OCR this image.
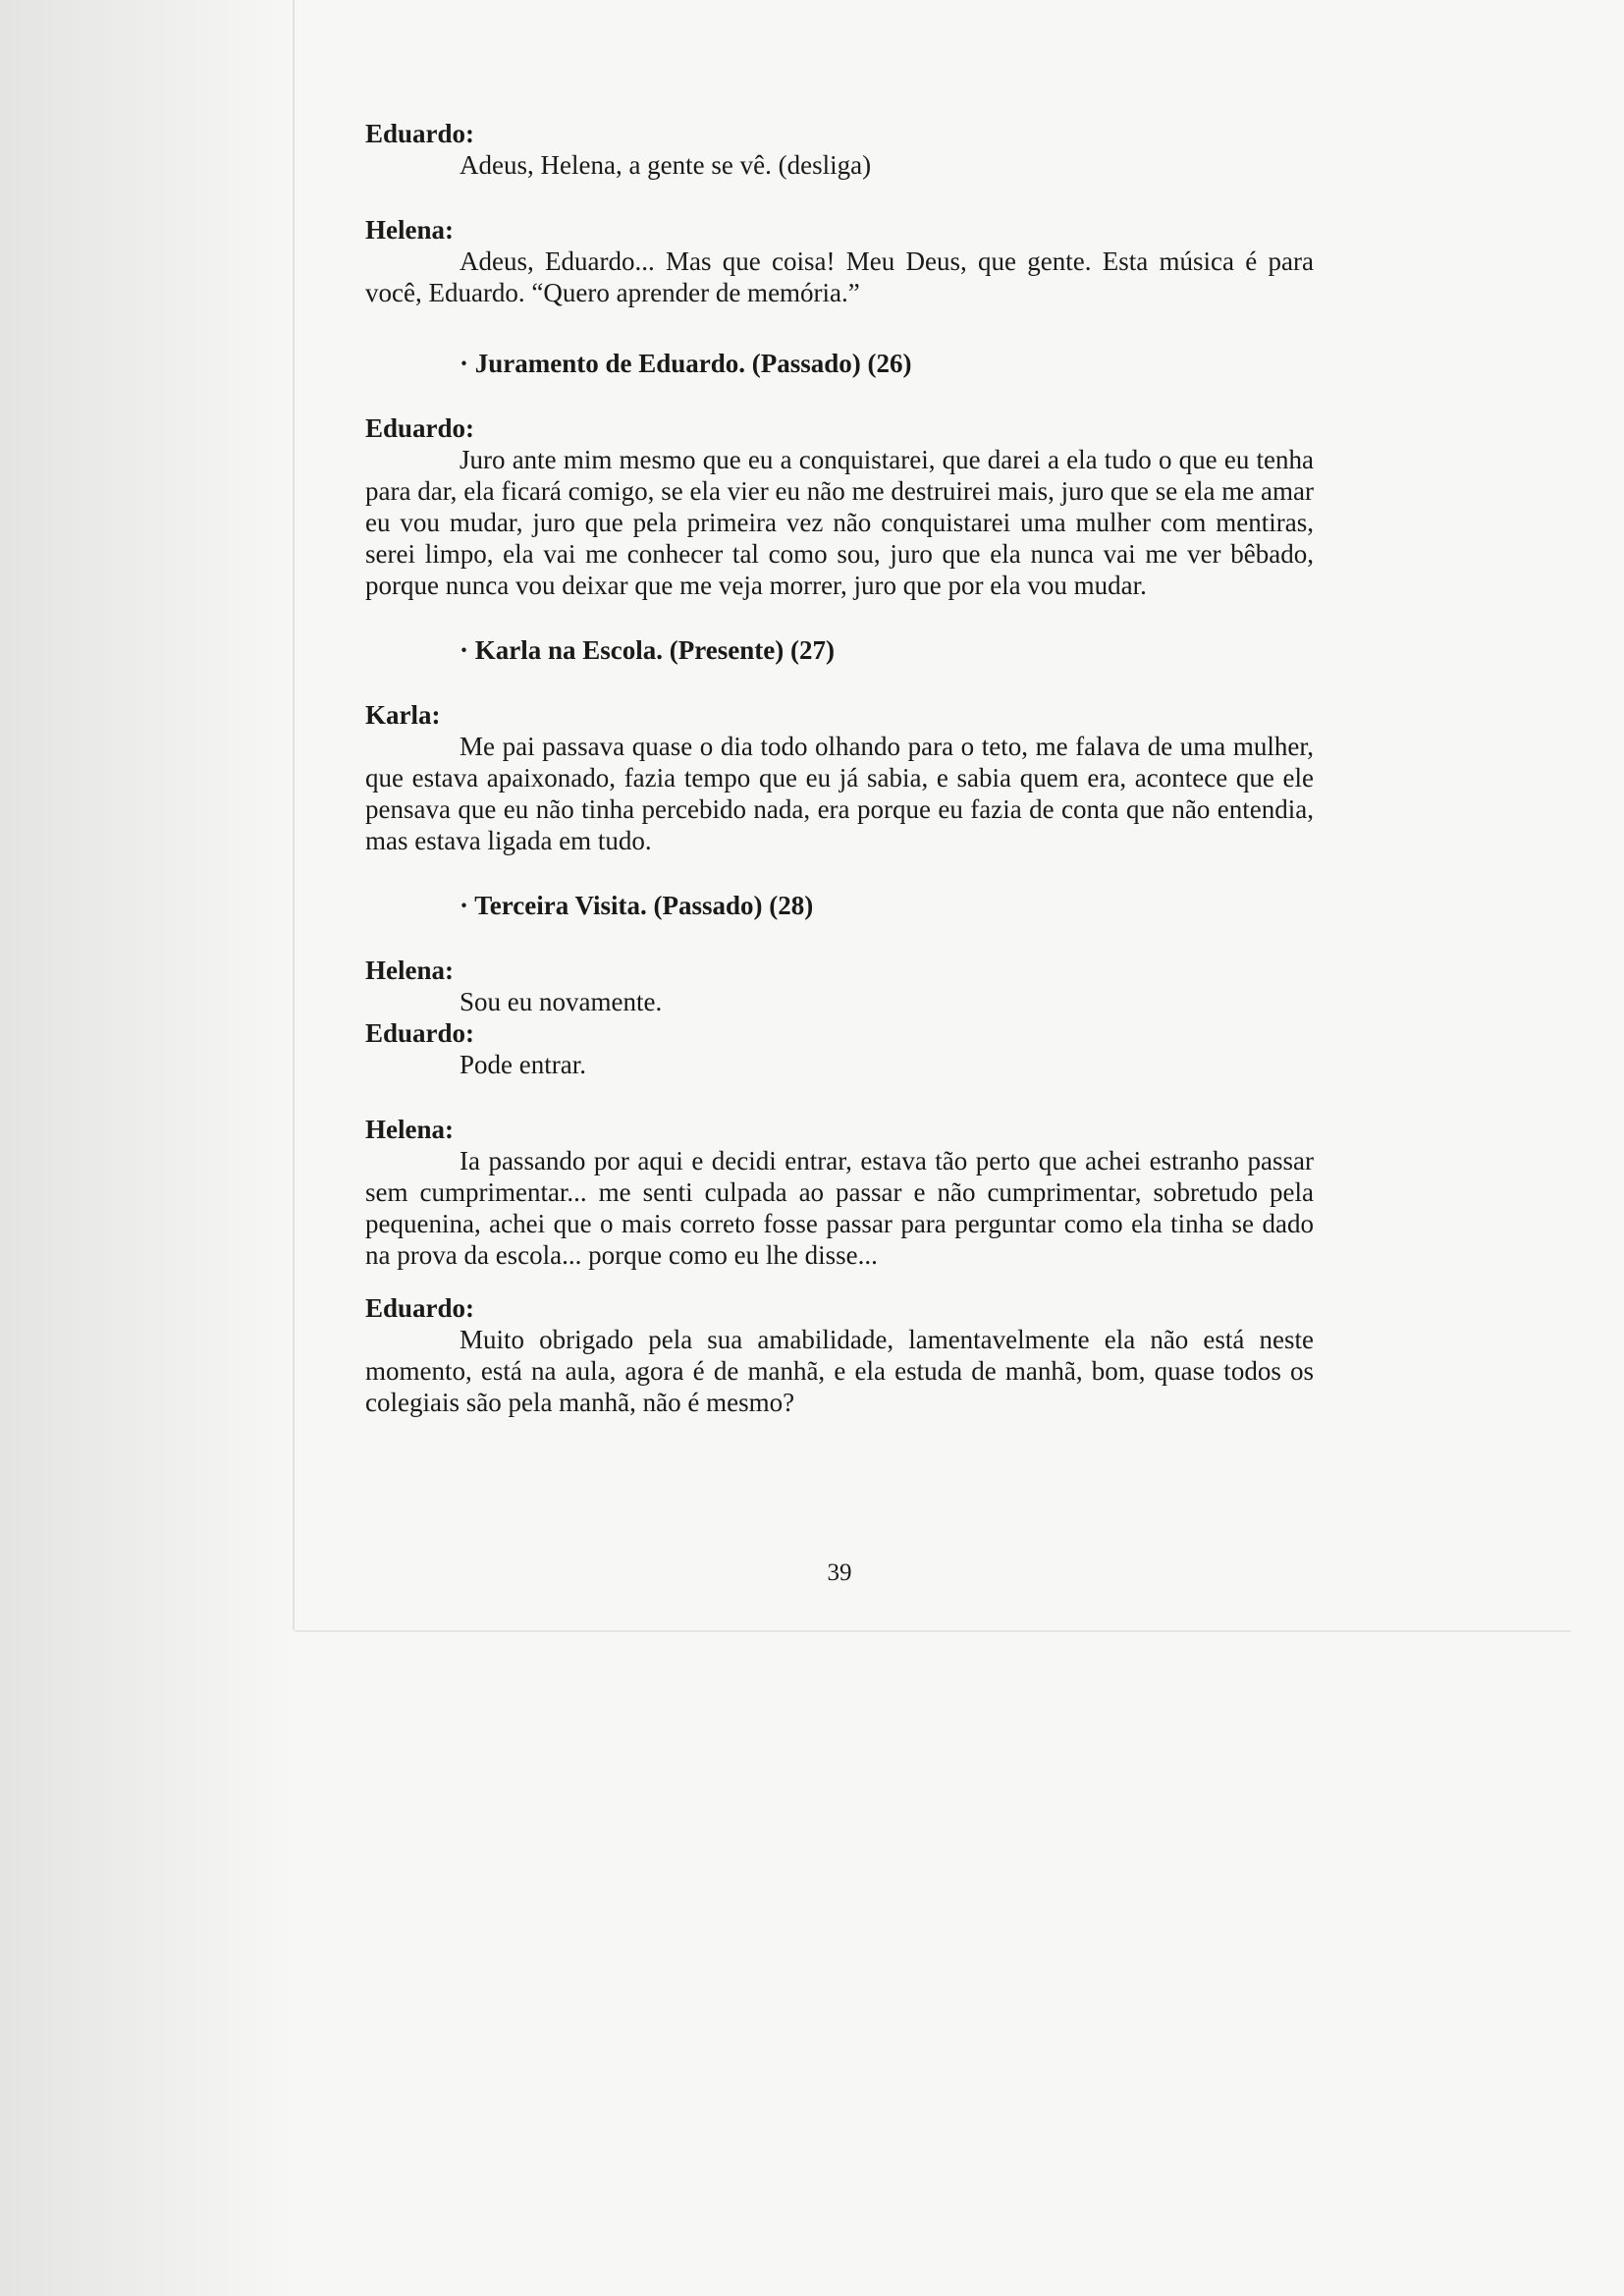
Eduardo:

Adeus, Helena, a gente se vê. (desliga)

Helena:

Adeus, Eduardo... Mas que coisa! Meu Deus, que gente. Esta música é para você, Eduardo. “Quero aprender de memória.”

· Juramento de Eduardo. (Passado) (26)

Eduardo:

Juro ante mim mesmo que eu a conquistarei, que darei a ela tudo o que eu tenha para dar, ela ficará comigo, se ela vier eu não me destruirei mais, juro que se ela me amar eu vou mudar, juro que pela primeira vez não conquistarei uma mulher com mentiras, serei limpo, ela vai me conhecer tal como sou, juro que ela nunca vai me ver bêbado, porque nunca vou deixar que me veja morrer, juro que por ela vou mudar.

· Karla na Escola. (Presente) (27)

Karla:

Me pai passava quase o dia todo olhando para o teto, me falava de uma mulher, que estava apaixonado, fazia tempo que eu já sabia, e sabia quem era, acontece que ele pensava que eu não tinha percebido nada, era porque eu fazia de conta que não entendia, mas estava ligada em tudo.

· Terceira Visita. (Passado) (28)

Helena:

Sou eu novamente.

Eduardo:

Pode entrar.

Helena:

Ia passando por aqui e decidi entrar, estava tão perto que achei estranho passar sem cumprimentar... me senti culpada ao passar e não cumprimentar, sobretudo pela pequenina, achei que o mais correto fosse passar para perguntar como ela tinha se dado na prova da escola... porque como eu lhe disse...

Eduardo:

Muito obrigado pela sua amabilidade, lamentavelmente ela não está neste momento, está na aula, agora é de manhã, e ela estuda de manhã, bom, quase todos os colegiais são pela manhã, não é mesmo?

39
